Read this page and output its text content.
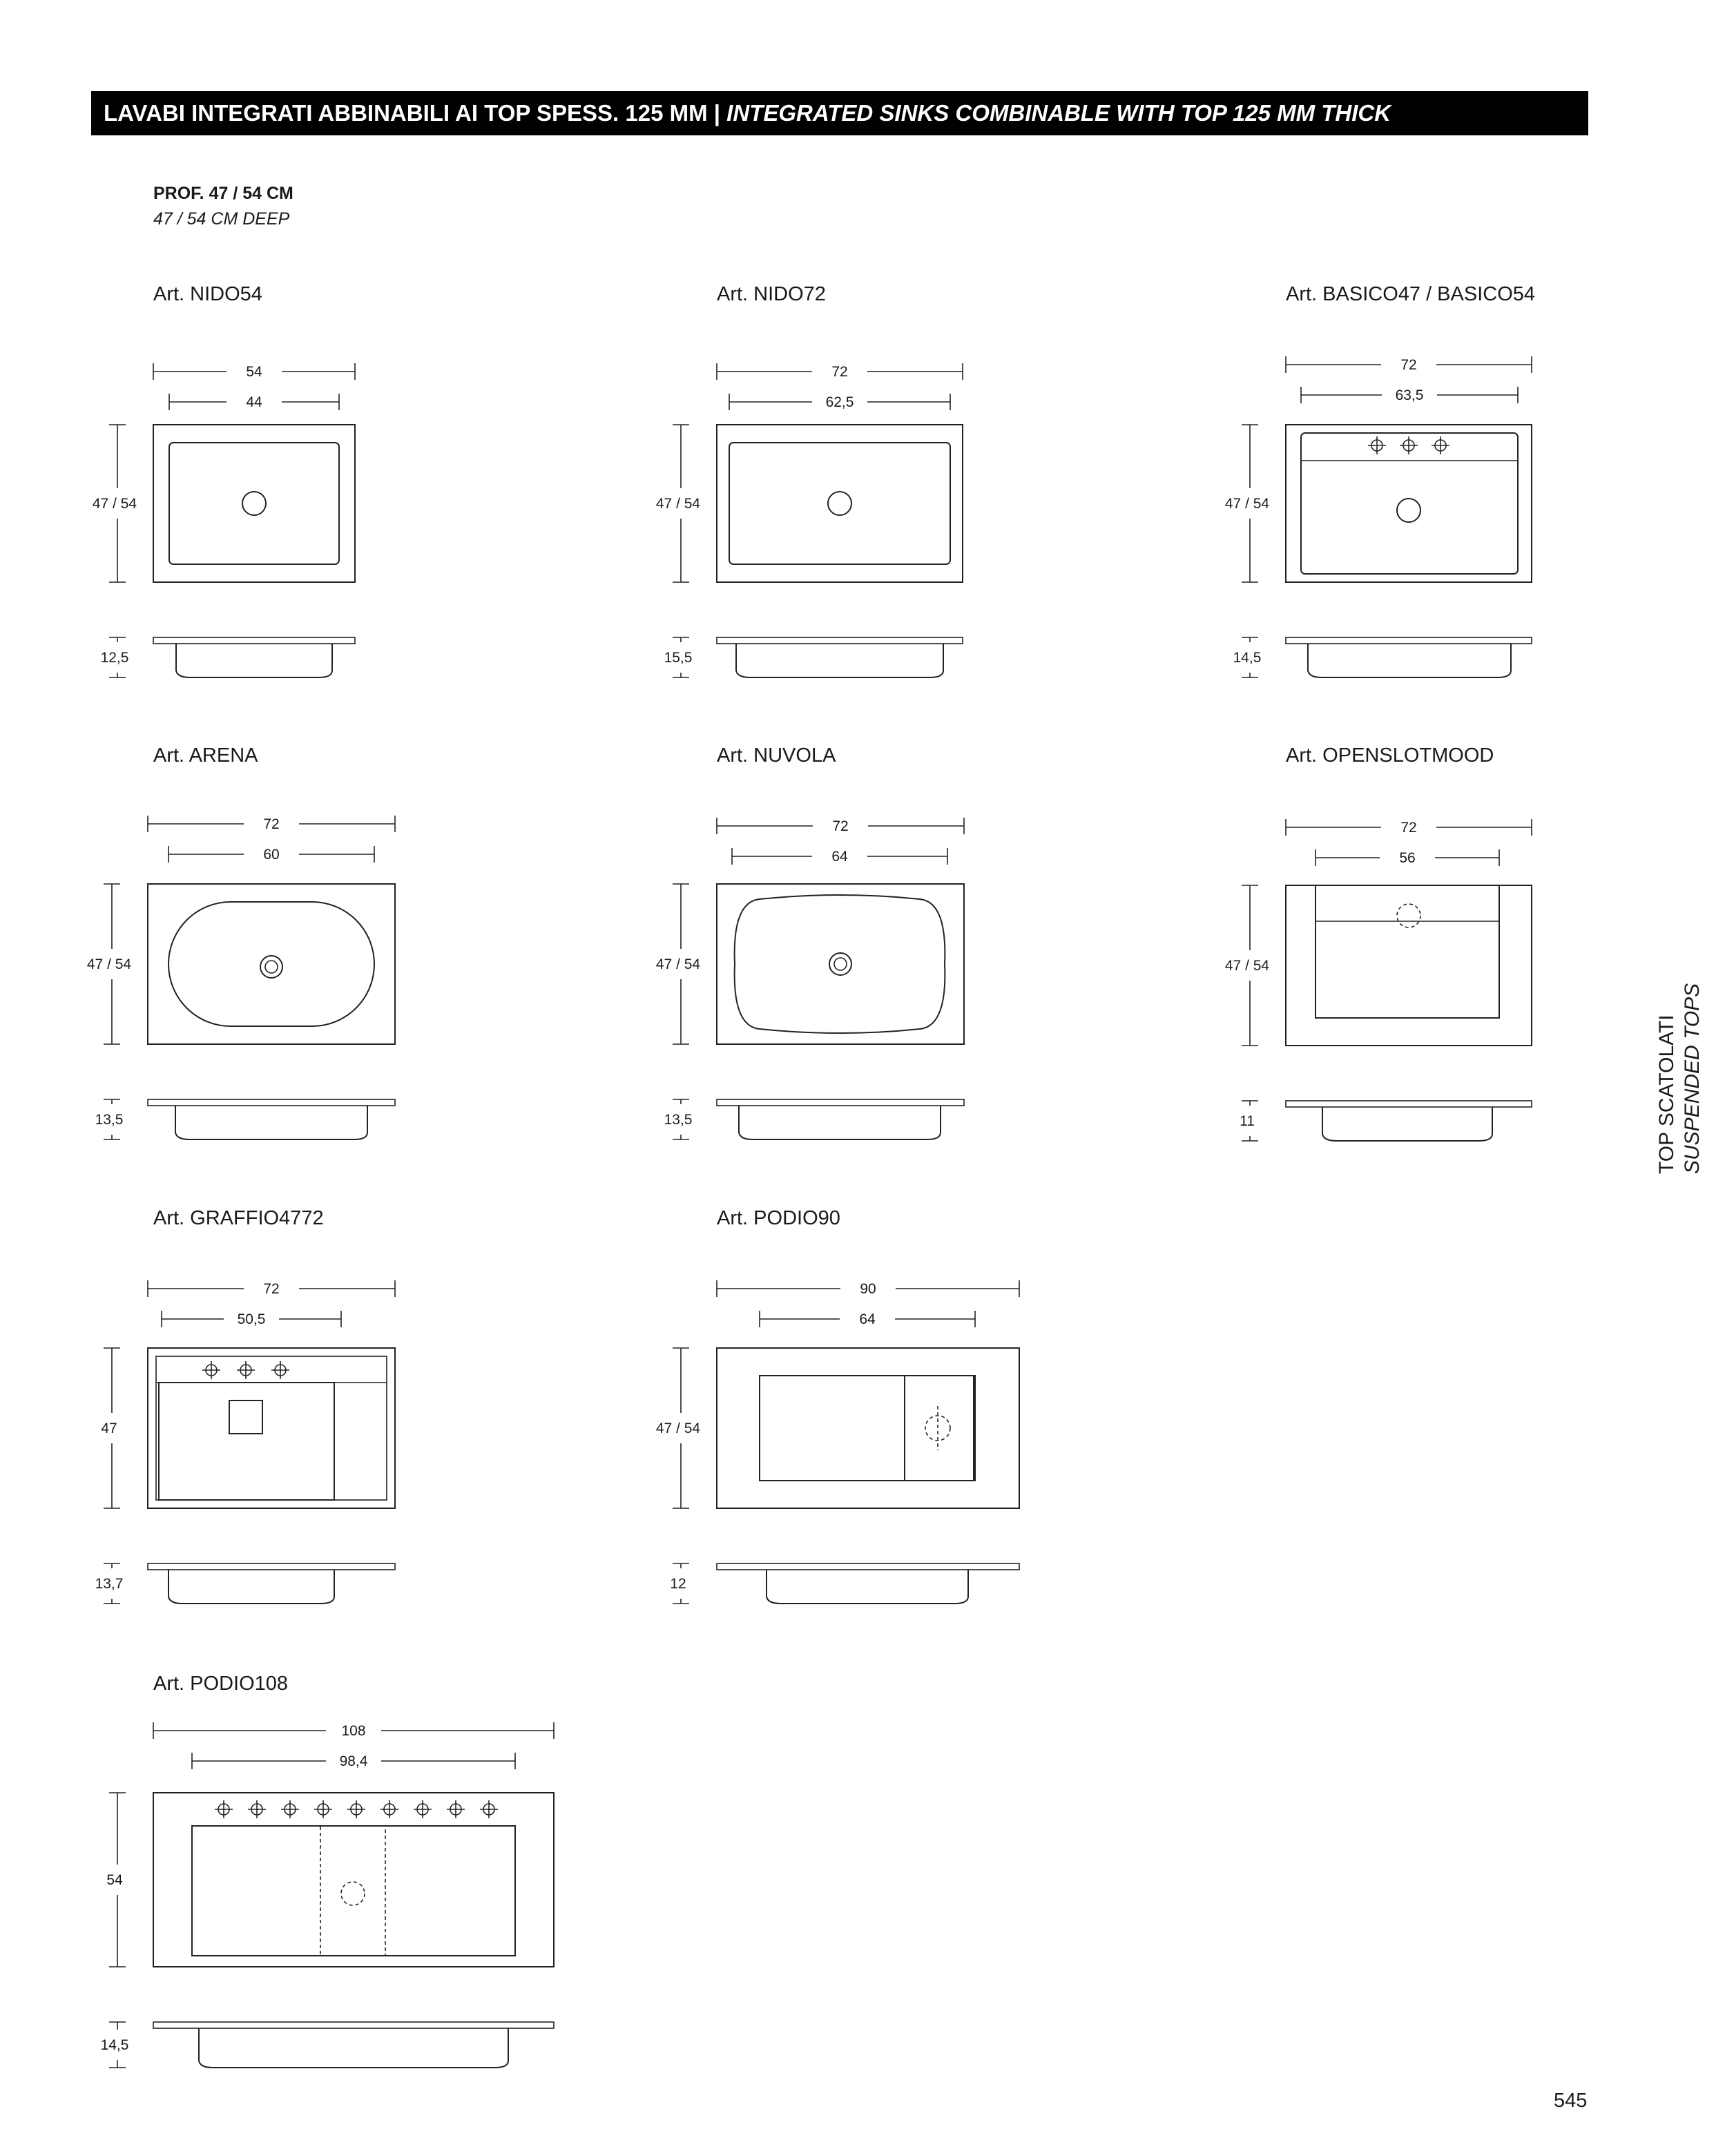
LAVABI INTEGRATI ABBINABILI AI TOP SPESS. 125 MM | INTEGRATED SINKS COMBINABLE WITH TOP 125 MM THICK
PROF. 47 / 54 CM
47 / 54 CM DEEP
Art. NIDO54	Art. NIDO72	Art. BASICO47 / BASICO54
Art. ARENA	Art. NUVOLA	Art. OPENSLOTMOOD
Art. GRAFFIO4772	Art. PODIO90
Art. PODIO108
54
44
47 / 54
12,5
72
62,5
47 / 54
15,5
72
63,5
47 / 54
14,5
72
60
47 / 54
13,5
72
64
47 / 54
13,5
72
56
47 / 54
11
72
50,5
47
13,7
90
64
47 / 54
12
108
98,4
54
14,5
TOP SCATOLATI SUSPENDED TOPS
545
